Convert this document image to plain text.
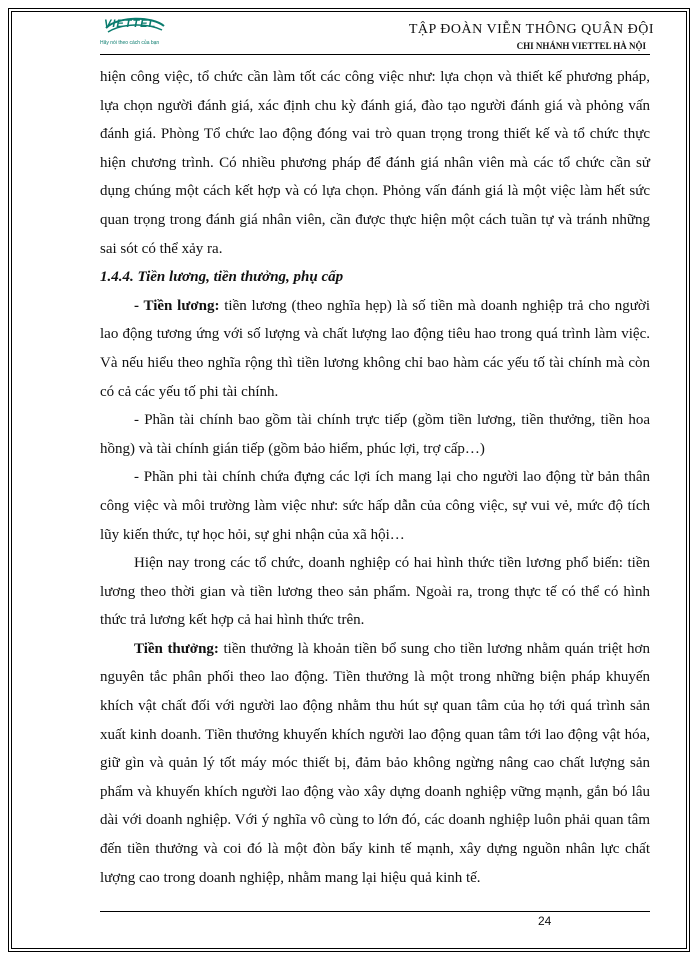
VIETTEL
Hãy nói theo cách của bạn
TẬP ĐOÀN VIỄN THÔNG QUÂN ĐỘI
CHI NHÁNH VIETTEL HÀ NỘI

hiện công việc, tổ chức cần làm tốt các công việc như: lựa chọn và thiết kế phương pháp, lựa chọn người đánh giá, xác định chu kỳ đánh giá, đào tạo người đánh giá và phỏng vấn đánh giá. Phòng Tổ chức lao động đóng vai trò quan trọng trong thiết kế và tổ chức thực hiện chương trình. Có nhiều phương pháp để đánh giá nhân viên mà các tổ chức cần sử dụng chúng một cách kết hợp và có lựa chọn. Phỏng vấn đánh giá là một việc làm hết sức quan trọng trong đánh giá nhân viên, cần được thực hiện một cách tuần tự và tránh những sai sót có thể xảy ra.

1.4.4. Tiền lương, tiền thưởng, phụ cấp

- Tiền lương: tiền lương (theo nghĩa hẹp) là số tiền mà doanh nghiệp trả cho người lao động tương ứng với số lượng và chất lượng lao động tiêu hao trong quá trình làm việc. Và nếu hiểu theo nghĩa rộng thì tiền lương không chỉ bao hàm các yếu tố tài chính mà còn có cả các yếu tố phi tài chính.

- Phần tài chính bao gồm tài chính trực tiếp (gồm tiền lương, tiền thưởng, tiền hoa hồng) và tài chính gián tiếp (gồm bảo hiểm, phúc lợi, trợ cấp…)

- Phần phi tài chính chứa đựng các lợi ích mang lại cho người lao động từ bản thân công việc và môi trường làm việc như: sức hấp dẫn của công việc, sự vui vẻ, mức độ tích lũy kiến thức, tự học hỏi, sự ghi nhận của xã hội…

Hiện nay trong các tổ chức, doanh nghiệp có hai hình thức tiền lương phổ biến: tiền lương theo thời gian và tiền lương theo sản phẩm. Ngoài ra, trong thực tế có thể có hình thức trả lương kết hợp cả hai hình thức trên.

Tiền thưởng: tiền thưởng là khoản tiền bổ sung cho tiền lương nhằm quán triệt hơn nguyên tắc phân phối theo lao động. Tiền thưởng là một trong những biện pháp khuyến khích vật chất đối với người lao động nhằm thu hút sự quan tâm của họ tới quá trình sản xuất kinh doanh. Tiền thưởng khuyến khích người lao động quan tâm tới lao động vật hóa, giữ gìn và quản lý tốt máy móc thiết bị, đảm bảo không ngừng nâng cao chất lượng sản phẩm và khuyến khích người lao động vào xây dựng doanh nghiệp vững mạnh, gắn bó lâu dài với doanh nghiệp. Với ý nghĩa vô cùng to lớn đó, các doanh nghiệp luôn phải quan tâm đến tiền thưởng và coi đó là một đòn bẩy kinh tế mạnh, xây dựng nguồn nhân lực chất lượng cao trong doanh nghiệp, nhằm mang lại hiệu quả kinh tế.

24
